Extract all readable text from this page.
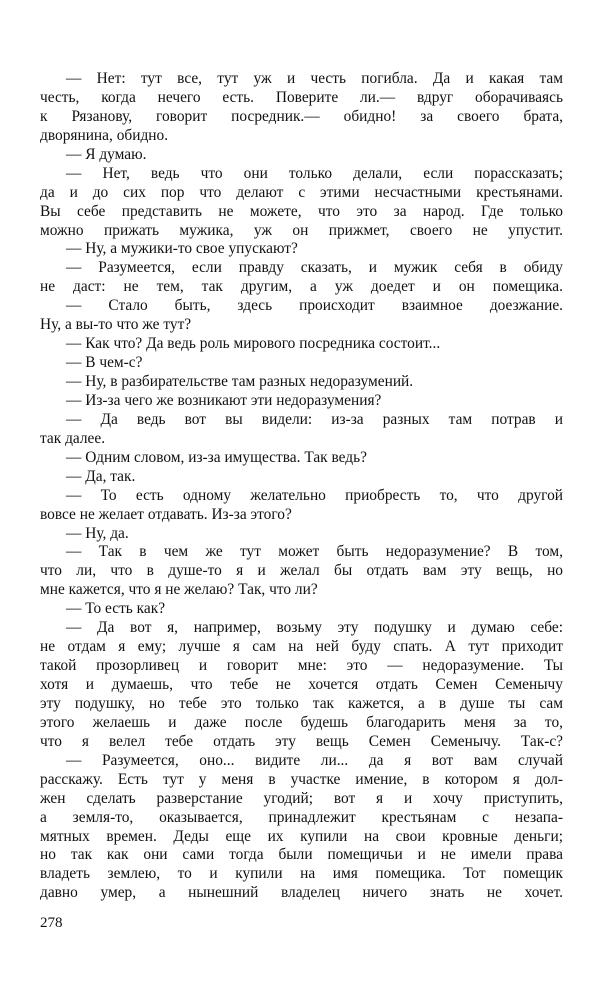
— Нет: тут все, тут уж и честь погибла. Да и какая там
честь, когда нечего есть. Поверите ли.— вдруг оборачиваясь
к Рязанову, говорит посредник.— обидно! за своего брата,
дворянина, обидно.
— Я думаю.
— Нет, ведь что они только делали, если порассказать;
да и до сих пор что делают с этими несчастными крестьянами.
Вы себе представить не можете, что это за народ. Где только
можно прижать мужика, уж он прижмет, своего не упустит.
— Ну, а мужики-то свое упускают?
— Разумеется, если правду сказать, и мужик себя в обиду
не даст: не тем, так другим, а уж доедет и он помещика.
— Стало быть, здесь происходит взаимное доезжание.
Ну, а вы-то что же тут?
— Как что? Да ведь роль мирового посредника состоит...
— В чем-с?
— Ну, в разбирательстве там разных недоразумений.
— Из-за чего же возникают эти недоразумения?
— Да ведь вот вы видели: из-за разных там потрав и
так далее.
— Одним словом, из-за имущества. Так ведь?
— Да, так.
— То есть одному желательно приобресть то, что другой
вовсе не желает отдавать. Из-за этого?
— Ну, да.
— Так в чем же тут может быть недоразумение? В том,
что ли, что в душе-то я и желал бы отдать вам эту вещь, но
мне кажется, что я не желаю? Так, что ли?
— То есть как?
— Да вот я, например, возьму эту подушку и думаю себе:
не отдам я ему; лучше я сам на ней буду спать. А тут приходит
такой прозорливец и говорит мне: это — недоразумение. Ты
хотя и думаешь, что тебе не хочется отдать Семен Семенычу
эту подушку, но тебе это только так кажется, а в душе ты сам
этого желаешь и даже после будешь благодарить меня за то,
что я велел тебе отдать эту вещь Семен Семенычу. Так-с?
— Разумеется, оно... видите ли... да я вот вам случай
расскажу. Есть тут у меня в участке имение, в котором я дол-
жен сделать разверстание угодий; вот я и хочу приступить,
а земля-то, оказывается, принадлежит крестьянам с незапа-
мятных времен. Деды еще их купили на свои кровные деньги;
но так как они сами тогда были помещичьи и не имели права
владеть землею, то и купили на имя помещика. Тот помещик
давно умер, а нынешний владелец ничего знать не хочет.
278
